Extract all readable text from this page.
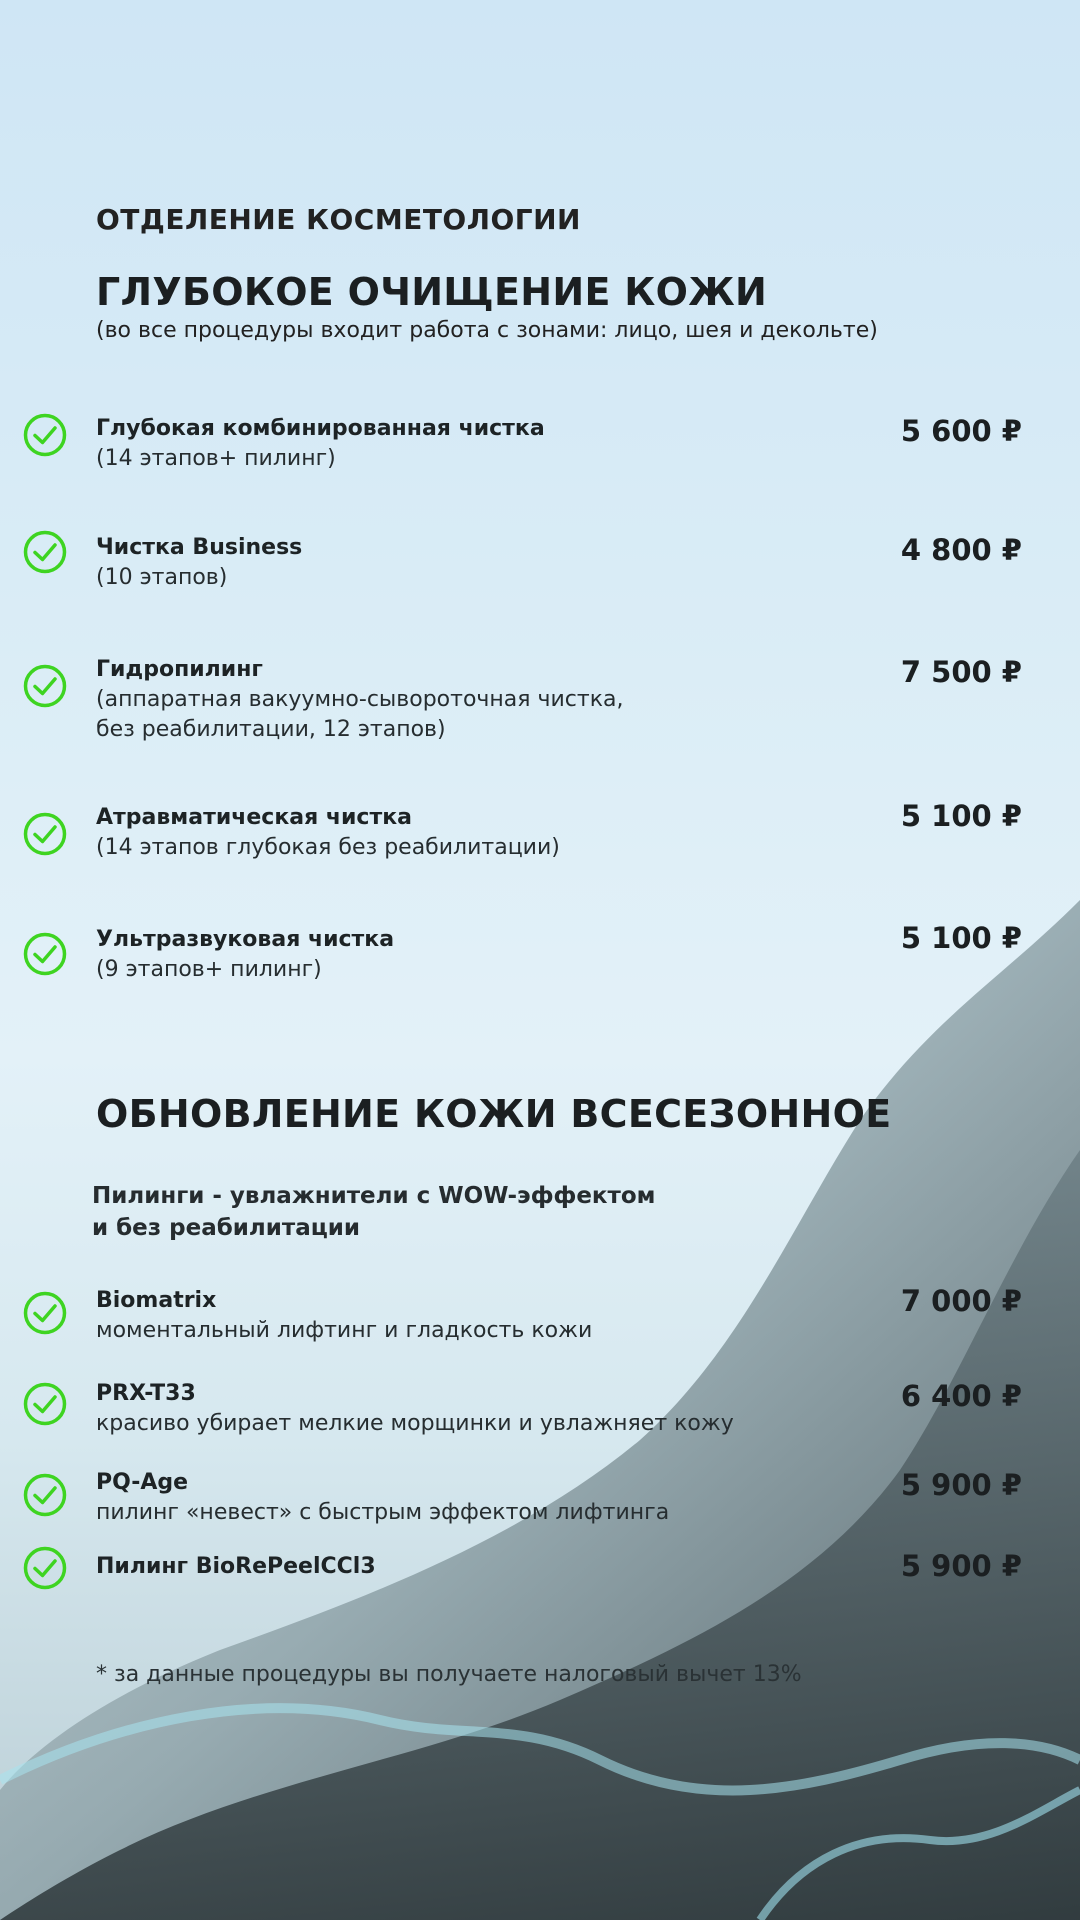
ОТДЕЛЕНИЕ КОСМЕТОЛОГИИ
ГЛУБОКОЕ ОЧИЩЕНИЕ КОЖИ
(во все процедуры входит работа с зонами: лицо, шея и декольте)
Глубокая комбинированная чистка
(14 этапов+ пилинг)
5 600 ₽
Чистка Business
(10 этапов)
4 800 ₽
Гидропилинг
(аппаратная вакуумно-сывороточная чистка,
без реабилитации, 12 этапов)
7 500 ₽
Атравматическая чистка
(14 этапов глубокая без реабилитации)
5 100 ₽
Ультразвуковая чистка
(9 этапов+ пилинг)
5 100 ₽
ОБНОВЛЕНИЕ КОЖИ ВСЕСЕЗОННОЕ
Пилинги - увлажнители с WOW-эффектом
и без реабилитации
Biomatrix
моментальный лифтинг и гладкость кожи
7 000 ₽
PRX-T33
красиво убирает мелкие морщинки и увлажняет кожу
6 400 ₽
PQ-Age
пилинг «невест» с быстрым эффектом лифтинга
5 900 ₽
Пилинг BioRePeelCCl3	5 900 ₽
* за данные процедуры вы получаете налоговый вычет 13%
